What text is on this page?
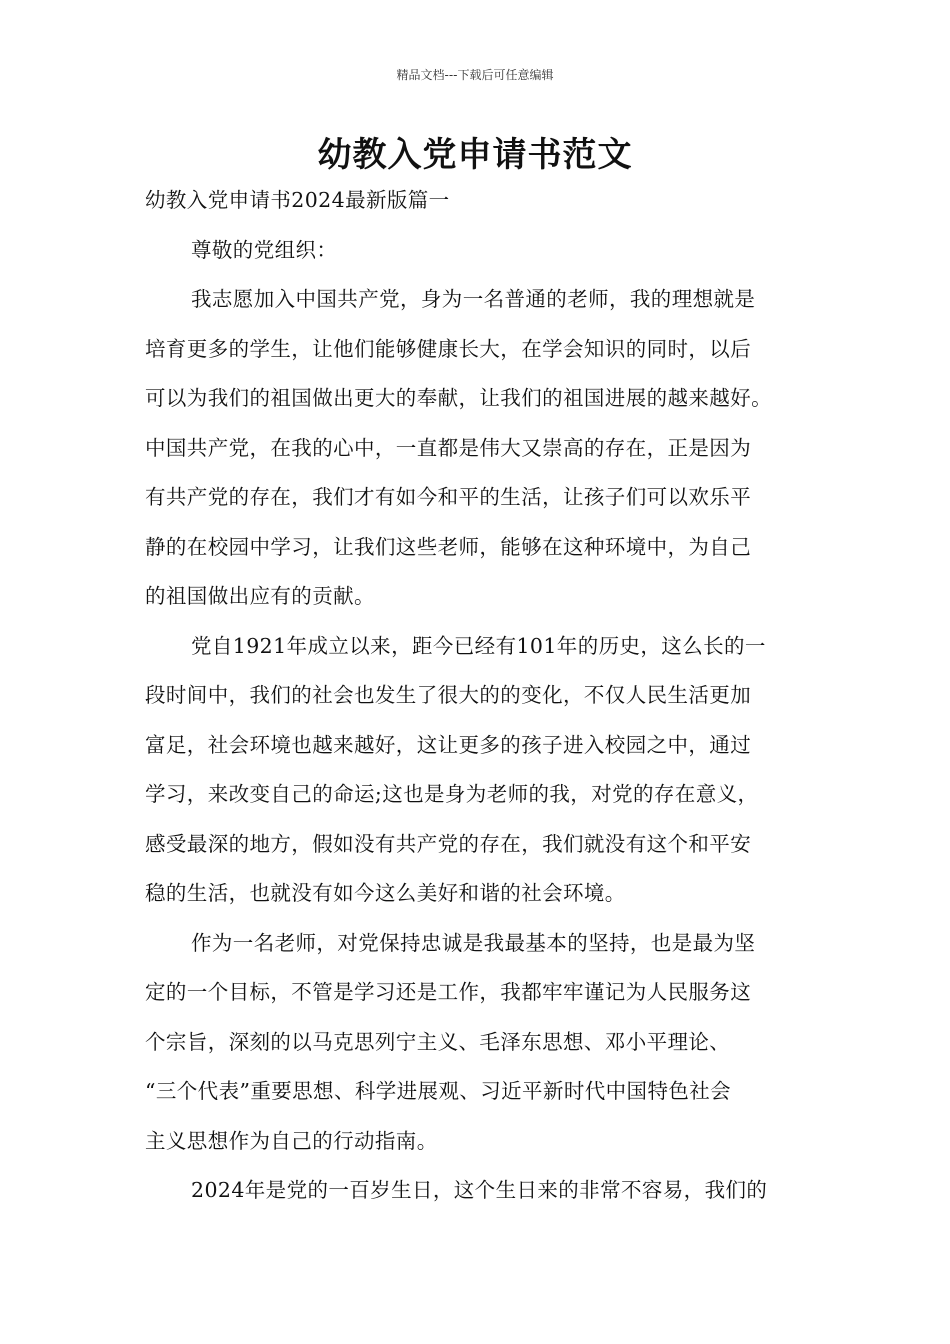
精品文档---下载后可任意编辑
幼教入党申请书范文
幼教入党申请书2024最新版篇一
尊敬的党组织：
我志愿加入中国共产党，身为一名普通的老师，我的理想就是
培育更多的学生，让他们能够健康长大，在学会知识的同时，以后
可以为我们的祖国做出更大的奉献，让我们的祖国进展的越来越好。
中国共产党，在我的心中，一直都是伟大又崇高的存在，正是因为
有共产党的存在，我们才有如今和平的生活，让孩子们可以欢乐平
静的在校园中学习，让我们这些老师，能够在这种环境中，为自己
的祖国做出应有的贡献。
党自1921年成立以来，距今已经有101年的历史，这么长的一
段时间中，我们的社会也发生了很大的的变化，不仅人民生活更加
富足，社会环境也越来越好，这让更多的孩子进入校园之中，通过
学习，来改变自己的命运;这也是身为老师的我，对党的存在意义，
感受最深的地方，假如没有共产党的存在，我们就没有这个和平安
稳的生活，也就没有如今这么美好和谐的社会环境。
作为一名老师，对党保持忠诚是我最基本的坚持，也是最为坚
定的一个目标，不管是学习还是工作，我都牢牢谨记为人民服务这
个宗旨，深刻的以马克思列宁主义、毛泽东思想、邓小平理论、
“三个代表”重要思想、科学进展观、习近平新时代中国特色社会
主义思想作为自己的行动指南。
2024年是党的一百岁生日，这个生日来的非常不容易，我们的
